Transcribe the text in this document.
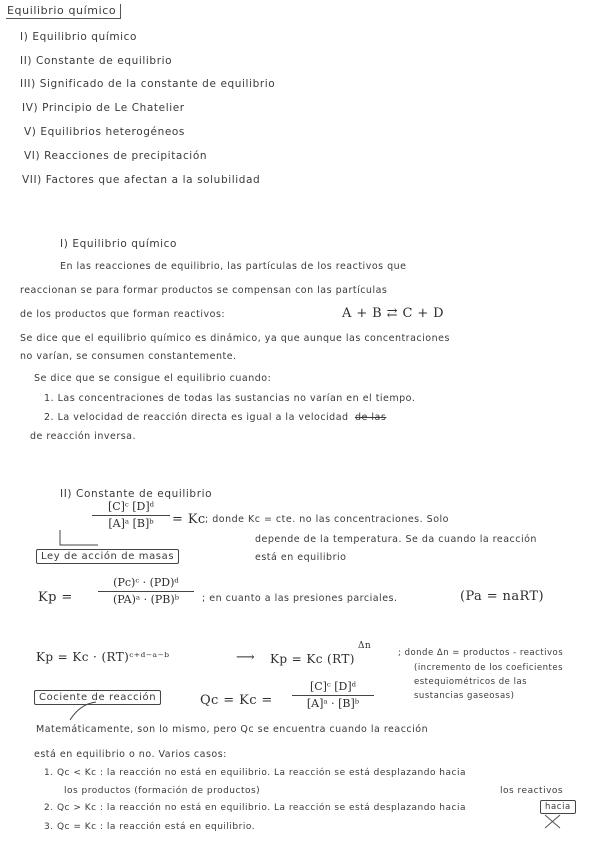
Equilibrio químico
I) Equilibrio químico
II) Constante de equilibrio
III) Significado de la constante de equilibrio
IV) Principio de Le Chatelier
V) Equilibrios heterogéneos
VI) Reacciones de precipitación
VII) Factores que afectan a la solubilidad
I) Equilibrio químico
En las reacciones de equilibrio, las partículas de los reactivos que
reaccionan se para formar productos se compensan con las partículas
de los productos que forman reactivos:	A + B ⇄ C + D
Se dice que el equilibrio químico es dinámico, ya que aunque las concentraciones
no varían, se consumen constantemente.
Se dice que se consigue el equilibrio cuando:
1. Las concentraciones de todas las sustancias no varían en el tiempo.
2. La velocidad de reacción directa es igual a la velocidad de las
de reacción inversa.
II) Constante de equilibrio
[C]ᶜ [D]ᵈ
[A]ᵃ [B]ᵇ	= Kc ; donde Kc = cte. no las concentraciones. Solo
depende de la temperatura. Se da cuando la reacción
está en equilibrio
Ley de acción de masas
Kp =
(Pc)ᶜ · (PD)ᵈ
(PA)ᵃ · (PB)ᵇ	; en cuanto a las presiones parciales.	(Pa = naRT)
Kp = Kc · (RT)ᶜ⁺ᵈ⁻ᵃ⁻ᵇ	⟶ Kp = Kc (RT)
Δn
; donde Δn = productos - reactivos
(incremento de los coeficientes
estequiométricos de las
sustancias gaseosas)
Cociente de reacción	Qc = Kc =
[C]ᶜ [D]ᵈ
[A]ᵃ · [B]ᵇ
Matemáticamente, son lo mismo, pero Qc se encuentra cuando la reacción
está en equilibrio o no. Varios casos:
1. Qc < Kc : la reacción no está en equilibrio. La reacción se está desplazando hacia
los reactivos
los productos (formación de productos)
2. Qc > Kc : la reacción no está en equilibrio. La reacción se está desplazando hacia	hacia
3. Qc = Kc : la reacción está en equilibrio.
